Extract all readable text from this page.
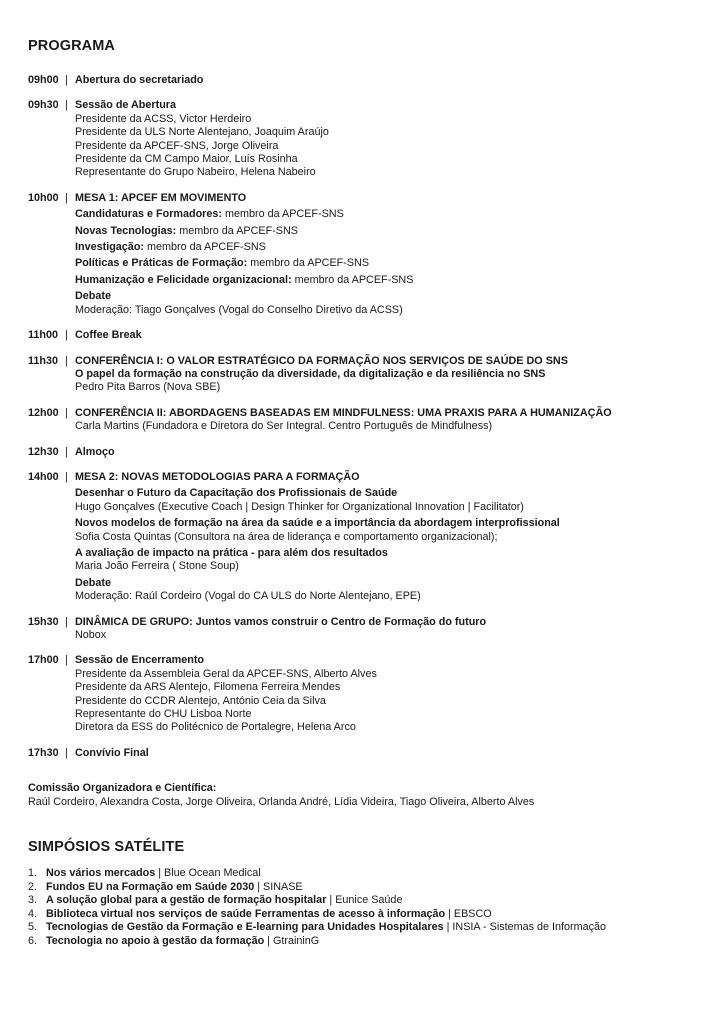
PROGRAMA
09h00 | Abertura do secretariado
09h30 | Sessão de Abertura
Presidente da ACSS, Victor Herdeiro
Presidente da ULS Norte Alentejano, Joaquim Araújo
Presidente da APCEF-SNS, Jorge Oliveira
Presidente da CM Campo Maior, Luís Rosinha
Representante do Grupo Nabeiro, Helena Nabeiro
10h00 | MESA 1: APCEF EM MOVIMENTO
Candidaturas e Formadores: membro da APCEF-SNS
Novas Tecnologias: membro da APCEF-SNS
Investigação: membro da APCEF-SNS
Políticas e Práticas de Formação: membro da APCEF-SNS
Humanização e Felicidade organizacional: membro da APCEF-SNS
Debate
Moderação: Tiago Gonçalves (Vogal do Conselho Diretivo da ACSS)
11h00 | Coffee Break
11h30 | CONFERÊNCIA I: O VALOR ESTRATÉGICO DA FORMAÇÃO NOS SERVIÇOS DE SAÚDE DO SNS
O papel da formação na construção da diversidade, da digitalização e da resiliência no SNS
Pedro Pita Barros (Nova SBE)
12h00 | CONFERÊNCIA II: ABORDAGENS BASEADAS EM MINDFULNESS: UMA PRAXIS PARA A HUMANIZAÇÃO
Carla Martins (Fundadora e Diretora do Ser Integral. Centro Português de Mindfulness)
12h30 | Almoço
14h00 | MESA 2: NOVAS METODOLOGIAS PARA A FORMAÇÃO
Desenhar o Futuro da Capacitação dos Profissionais de Saúde
Hugo Gonçalves (Executive Coach | Design Thinker for Organizational Innovation | Facilitator)
Novos modelos de formação na área da saúde e a importância da abordagem interprofissional
Sofia Costa Quintas (Consultora na área de liderança e comportamento organizacional);
A avaliação de impacto na prática - para além dos resultados
Maria João Ferreira ( Stone Soup)
Debate
Moderação: Raúl Cordeiro (Vogal do CA ULS do Norte Alentejano, EPE)
15h30 | DINÂMICA DE GRUPO: Juntos vamos construir o Centro de Formação do futuro
Nobox
17h00 | Sessão de Encerramento
Presidente da Assembleia Geral da APCEF-SNS, Alberto Alves
Presidente da ARS Alentejo, Filomena Ferreira Mendes
Presidente do CCDR Alentejo, António Ceia da Silva
Representante do CHU Lisboa Norte
Diretora da ESS do Politécnico de Portalegre, Helena Arco
17h30 | Convívio Final
Comissão Organizadora e Científica:
Raúl Cordeiro, Alexandra Costa, Jorge Oliveira, Orlanda André, Lídia Videira, Tiago Oliveira, Alberto Alves
SIMPÓSIOS SATÉLITE
1. Nos vários mercados | Blue Ocean Medical
2. Fundos EU na Formação em Saúde 2030 | SINASE
3. A solução global para a gestão de formação hospitalar | Eunice Saúde
4. Biblioteca virtual nos serviços de saúde Ferramentas de acesso à informação | EBSCO
5. Tecnologias de Gestão da Formação e E-learning para Unidades Hospitalares | INSIA - Sistemas de Informação
6. Tecnologia no apoio à gestão da formação | GtraininG
